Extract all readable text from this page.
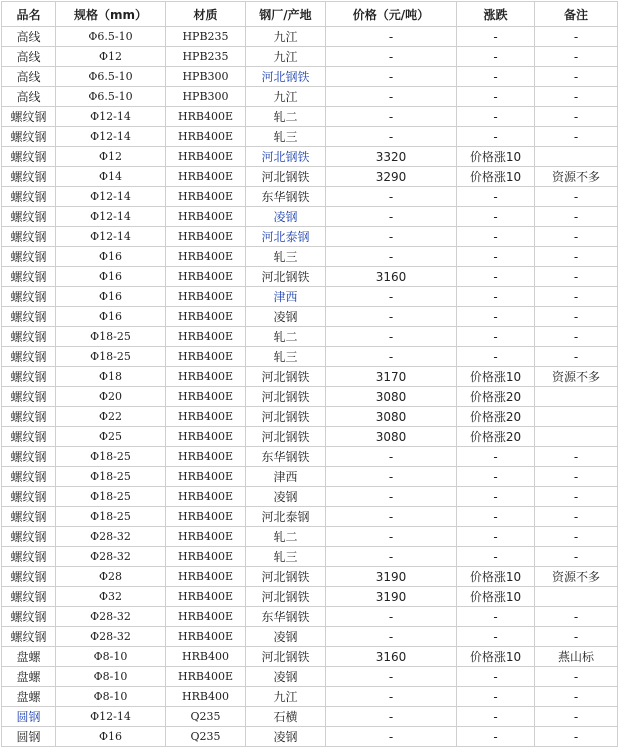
品名	规格（mm）	材质	钢厂/产地	价格（元/吨）	涨跌	备注
高线	Φ6.5-10	HPB235	九江	-	-	-
高线	Φ12	HPB235	九江	-	-	-
高线	Φ6.5-10	HPB300	河北钢铁	-	-	-
高线	Φ6.5-10	HPB300	九江	-	-	-
螺纹钢	Φ12-14	HRB400E	轧二	-	-	-
螺纹钢	Φ12-14	HRB400E	轧三	-	-	-
螺纹钢	Φ12	HRB400E	河北钢铁	3320	价格涨10	
螺纹钢	Φ14	HRB400E	河北钢铁	3290	价格涨10	资源不多
螺纹钢	Φ12-14	HRB400E	东华钢铁	-	-	-
螺纹钢	Φ12-14	HRB400E	凌钢	-	-	-
螺纹钢	Φ12-14	HRB400E	河北泰钢	-	-	-
螺纹钢	Φ16	HRB400E	轧三	-	-	-
螺纹钢	Φ16	HRB400E	河北钢铁	3160	-	-
螺纹钢	Φ16	HRB400E	津西	-	-	-
螺纹钢	Φ16	HRB400E	凌钢	-	-	-
螺纹钢	Φ18-25	HRB400E	轧二	-	-	-
螺纹钢	Φ18-25	HRB400E	轧三	-	-	-
螺纹钢	Φ18	HRB400E	河北钢铁	3170	价格涨10	资源不多
螺纹钢	Φ20	HRB400E	河北钢铁	3080	价格涨20	
螺纹钢	Φ22	HRB400E	河北钢铁	3080	价格涨20	
螺纹钢	Φ25	HRB400E	河北钢铁	3080	价格涨20	
螺纹钢	Φ18-25	HRB400E	东华钢铁	-	-	-
螺纹钢	Φ18-25	HRB400E	津西	-	-	-
螺纹钢	Φ18-25	HRB400E	凌钢	-	-	-
螺纹钢	Φ18-25	HRB400E	河北泰钢	-	-	-
螺纹钢	Φ28-32	HRB400E	轧二	-	-	-
螺纹钢	Φ28-32	HRB400E	轧三	-	-	-
螺纹钢	Φ28	HRB400E	河北钢铁	3190	价格涨10	资源不多
螺纹钢	Φ32	HRB400E	河北钢铁	3190	价格涨10	
螺纹钢	Φ28-32	HRB400E	东华钢铁	-	-	-
螺纹钢	Φ28-32	HRB400E	凌钢	-	-	-
盘螺	Φ8-10	HRB400	河北钢铁	3160	价格涨10	燕山标
盘螺	Φ8-10	HRB400E	凌钢	-	-	-
盘螺	Φ8-10	HRB400	九江	-	-	-
圆钢	Φ12-14	Q235	石横	-	-	-
圆钢	Φ16	Q235	凌钢	-	-	-
